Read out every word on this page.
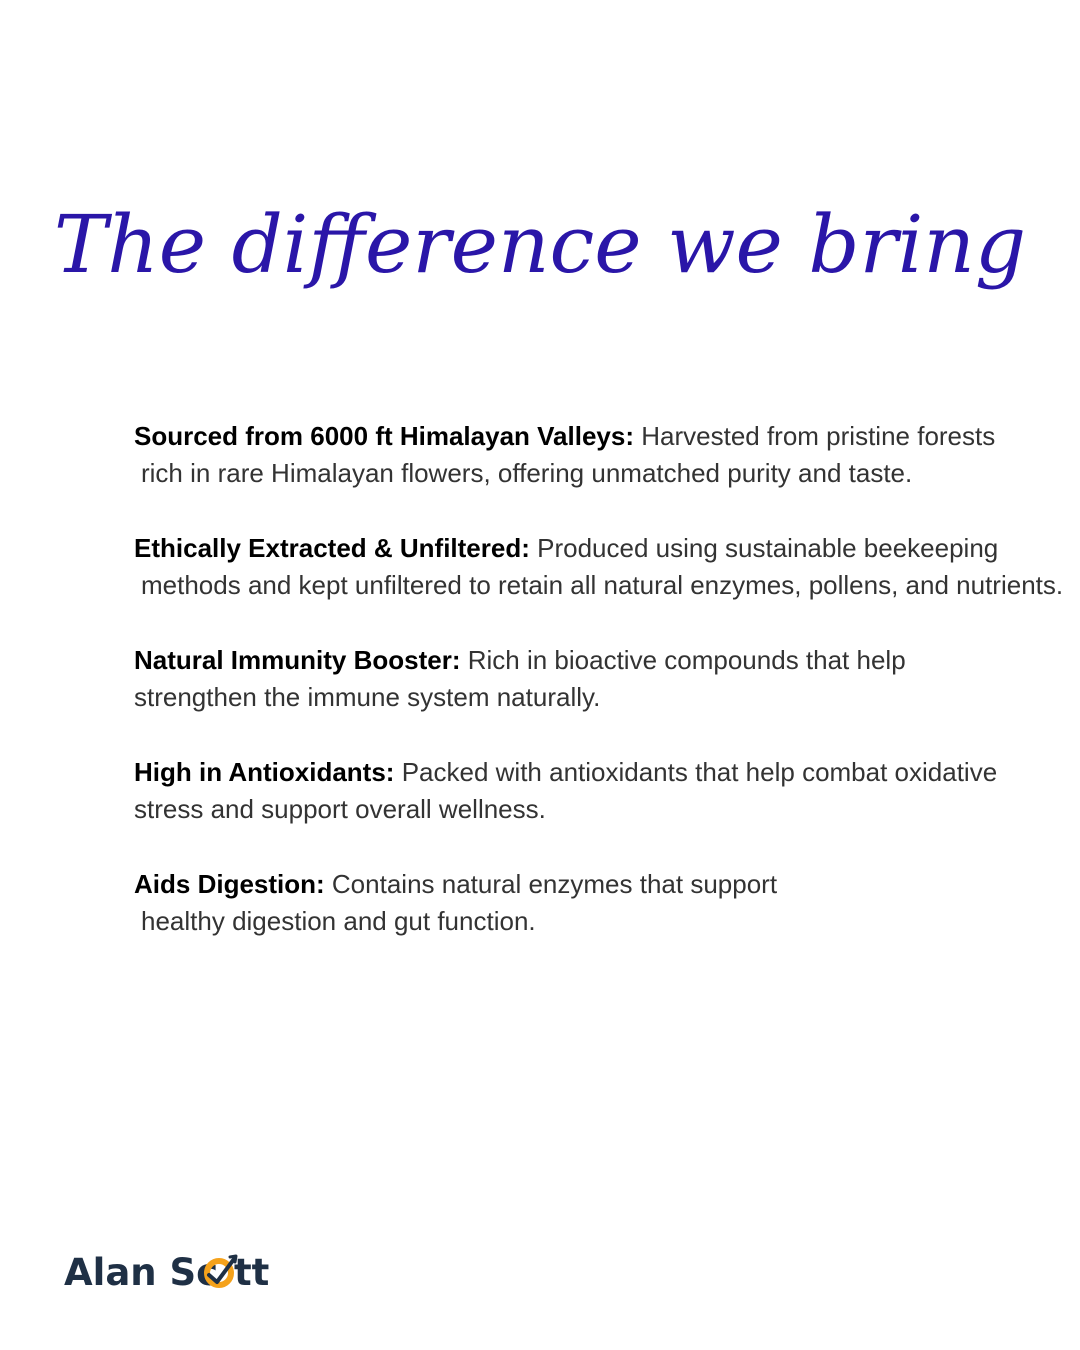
The difference we bring
Sourced from 6000 ft Himalayan Valleys: Harvested from pristine forests
rich in rare Himalayan flowers, offering unmatched purity and taste.
Ethically Extracted & Unfiltered: Produced using sustainable beekeeping
methods and kept unfiltered to retain all natural enzymes, pollens, and nutrients.
Natural Immunity Booster: Rich in bioactive compounds that help
strengthen the immune system naturally.
High in Antioxidants: Packed with antioxidants that help combat oxidative
stress and support overall wellness.
Aids Digestion: Contains natural enzymes that support
healthy digestion and gut function.
Alan Sc tt
